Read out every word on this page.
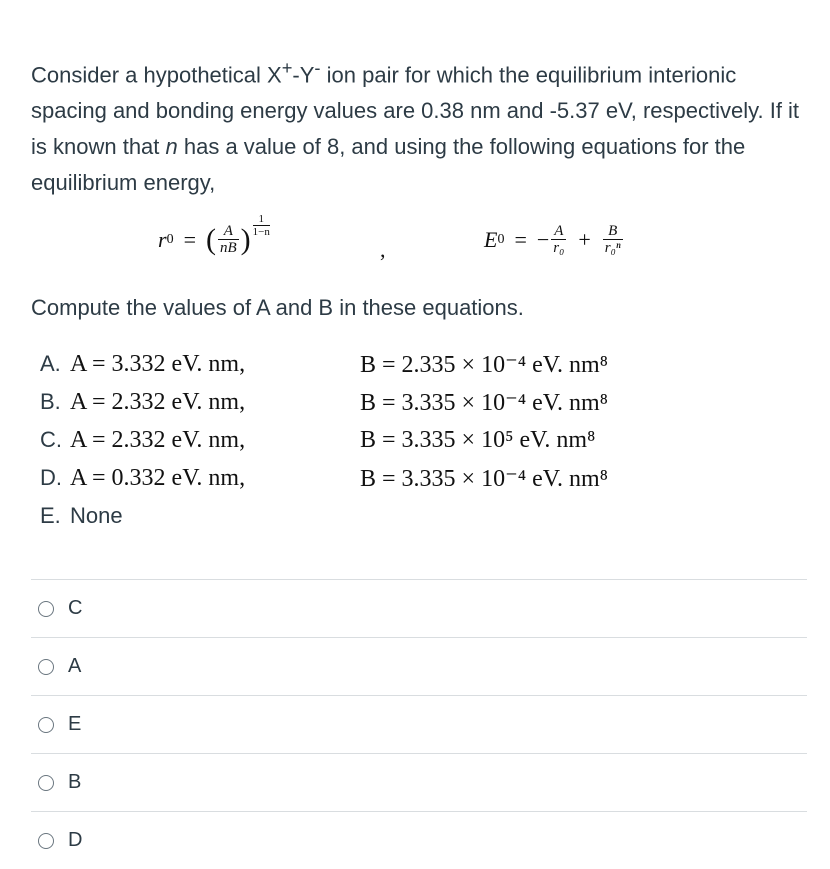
Consider a hypothetical X+-Y- ion pair for which the equilibrium interionic spacing and bonding energy values are 0.38 nm and -5.37 eV, respectively. If it is known that n has a value of 8, and using the following equations for the equilibrium energy,

r 0 = ( $\frac{A}{nB}$ )
1
1−n
,	E 0 = − $\frac{A}{\text{r₀}} + \frac{B}{\text{r₀ⁿ}}$

Compute the values of A and B in these equations.

A. A = 3.332 eV. nm,	B = 2.335 × 10⁻⁴ eV. nm⁸
B. A = 2.332 eV. nm,	B = 3.335 × 10⁻⁴ eV. nm⁸
C. A = 2.332 eV. nm,	B = 3.335 × 10⁵ eV. nm⁸
D. A = 0.332 eV. nm,	B = 3.335 × 10⁻⁴ eV. nm⁸
E. None
C
A
E
B
D
